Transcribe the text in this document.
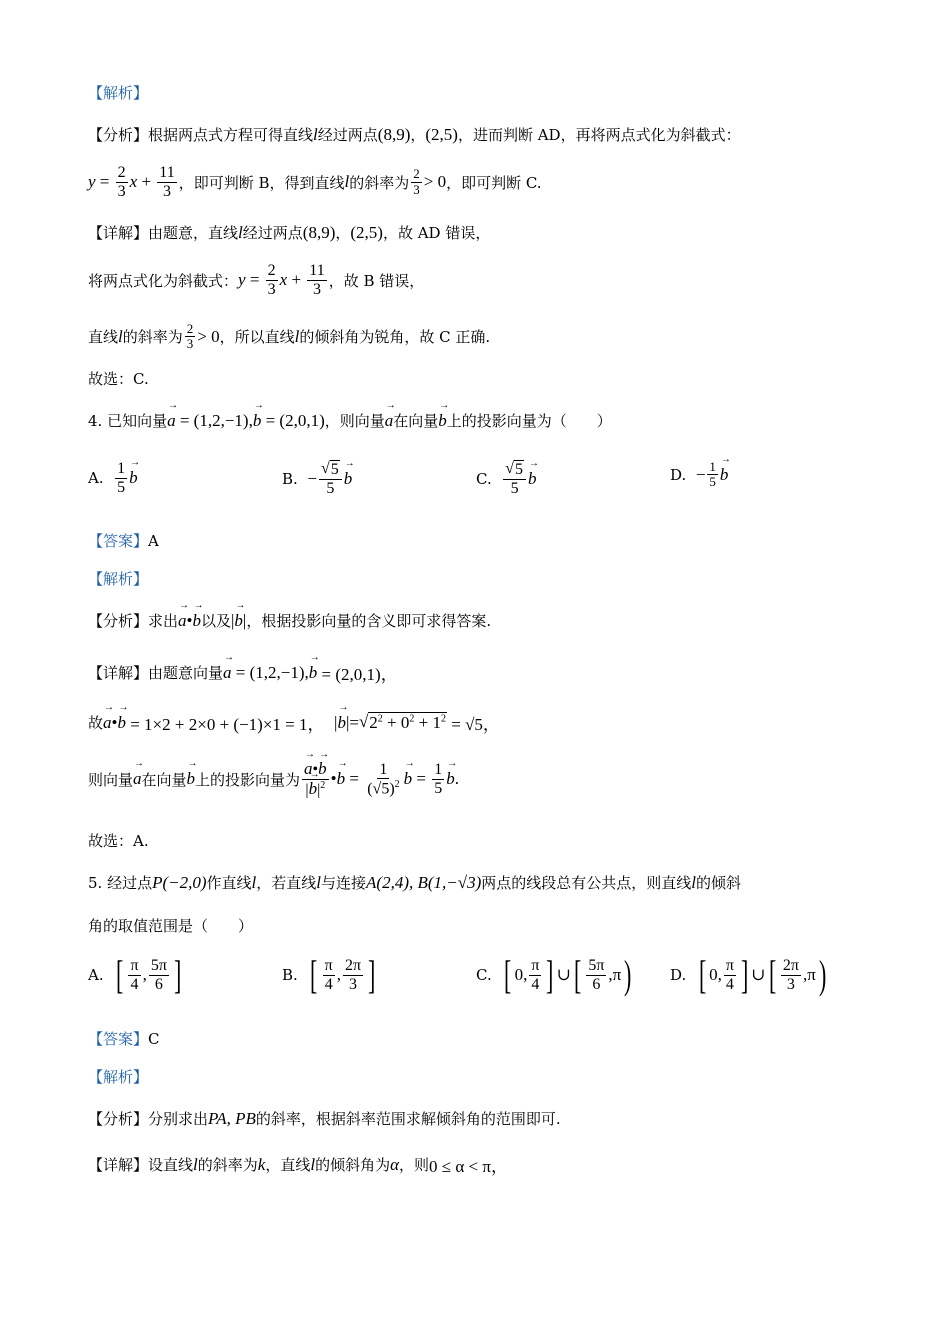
【解析】
【分析】 根据两点式方程可得直线 l 经过两点 (8,9) ， (2,5) ，进而判断 AD，再将两点式化为斜截式：
$y = \frac{2}{3}$ $x + \frac{11}{3}$ ，即可判断 B，得到直线 l 的斜率为 $\frac{2}{3} > 0$ ，即可判断 C.
【详解】 由题意，直线 l 经过两点 (8,9) ， (2,5) ，故 AD 错误，
将两点式化为斜截式： $y = \frac{2}{3}$ $x + \frac{11}{3}$ ，故 B 错误，
直线 l 的斜率为 $\frac{2}{3} > 0$ ，所以直线 l 的倾斜角为锐角，故 C 正确.
故选：C.
4. 已知向量
→ a
= (1,2,−1),
→ b
= (2,0,1) ，则向量
→ a 在向量
→ b 上的投影向量为（　　）
A.
$\frac{1}{5}$
→ b	B.
− $\frac{√ 5}{5}$
→ b	C.
$\frac{√ 5}{5}$
→ b	D.
− $\frac{1}{5}$
→ b
【答案】 A
【解析】
【分析】 求出
→ a •
→ b 以及 |
→ b | ，根据投影向量的含义即可求得答案.
【详解】 由题意向量
→ a
= (1,2,−1),
→ b
= (2,0,1)，
故
→ a •
→ b
= 1×2 + 2×0 + (−1)×1 = 1，
|
→ b |= √ $2^2 + 0^2 + 1^2$
= √5，
则向量
→ a 在向量
→ b 上的投影向量为
→ $\frac{a•\to b}{|\to b|^2}$ •
→ $b = \frac{1}{(√5)^2}$
→ $b = \frac{1}{5}$
→ b .
故选：A.
5. 经过点 P(−2,0) 作直线 l ，若直线 l 与连接 A(2,4), B(1,−√3) 两点的线段总有公共点，则直线 l 的倾斜
角的取值范围是（　　）
A.
[ $\frac{\pi}{4}$ , $\frac{5\pi}{6}$ ]	B.
[ $\frac{\pi}{4}$ , $\frac{2\pi}{3}$ ]	C.
[ 0, $\frac{\pi}{4}$ ] ∪ [ $\frac{5\pi}{6} ,\pi$ )	D.
[ 0, $\frac{\pi}{4}$ ] ∪ [ $\frac{2\pi}{3} ,\pi$ )
【答案】 C
【解析】
【分析】 分别求出 PA, PB 的斜率，根据斜率范围求解倾斜角的范围即可.
【详解】 设直线 l 的斜率为 k ，直线 l 的倾斜角为 α ，则 0 ≤ α < π，
